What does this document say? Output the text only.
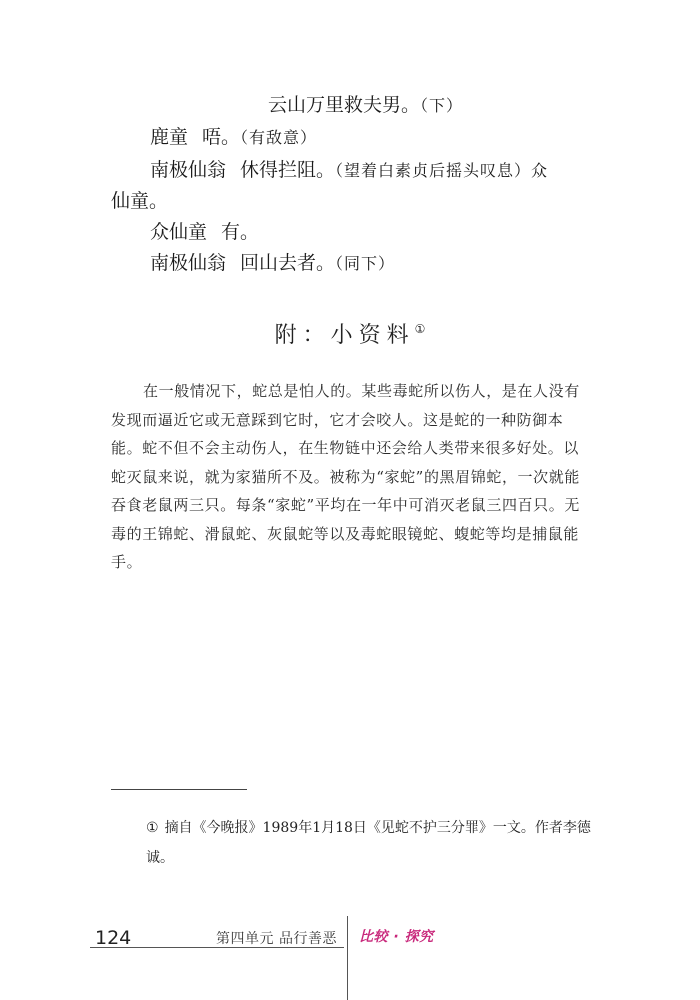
云山万里救夫男。（下）
鹿童 唔。（有敌意）
南极仙翁 休得拦阻。（望着白素贞后摇头叹息）众
仙童。
众仙童 有。
南极仙翁 回山去者。（同下）
附：小资料①
在一般情况下，蛇总是怕人的。某些毒蛇所以伤人，是在人没有发现而逼近它或无意踩到它时，它才会咬人。这是蛇的一种防御本能。蛇不但不会主动伤人，在生物链中还会给人类带来很多好处。以蛇灭鼠来说，就为家猫所不及。被称为“家蛇”的黑眉锦蛇，一次就能吞食老鼠两三只。每条“家蛇”平均在一年中可消灭老鼠三四百只。无毒的王锦蛇、滑鼠蛇、灰鼠蛇等以及毒蛇眼镜蛇、蝮蛇等均是捕鼠能手。
① 摘自《今晚报》1989年1月18日《见蛇不护三分罪》一文。作者李德诚。
124	第四单元 品行善恶 比较 · 探究
